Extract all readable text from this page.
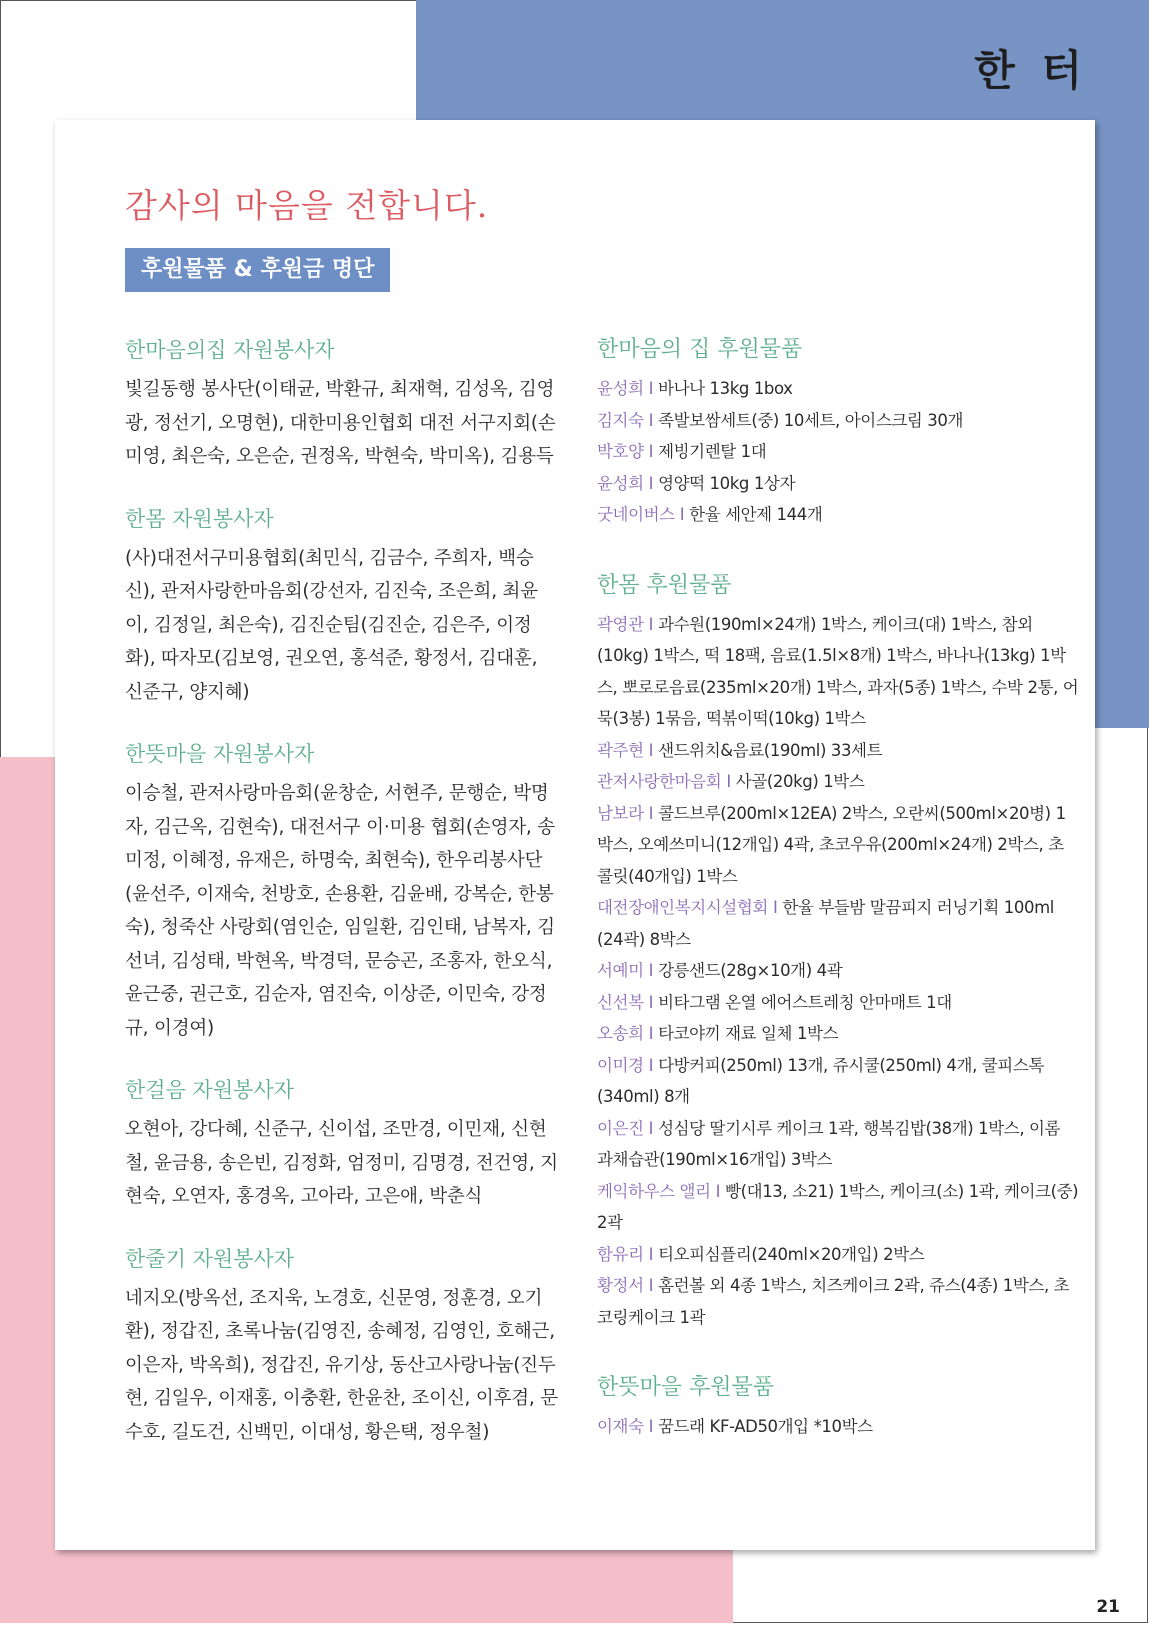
한 터
감사의 마음을 전합니다.
후원물품 & 후원금 명단
한마음의집 자원봉사자

빛길동행 봉사단(이태균, 박환규, 최재혁, 김성옥, 김영광, 정선기, 오명현), 대한미용인협회 대전 서구지회(손미영, 최은숙, 오은순, 권정옥, 박현숙, 박미옥), 김용득

한몸 자원봉사자

(사)대전서구미용협회(최민식, 김금수, 주희자, 백승신), 관저사랑한마음회(강선자, 김진숙, 조은희, 최윤이, 김정일, 최은숙), 김진순팀(김진순, 김은주, 이정화), 따자모(김보영, 권오연, 홍석준, 황정서, 김대훈, 신준구, 양지혜)

한뜻마을 자원봉사자

이승철, 관저사랑마음회(윤창순, 서현주, 문행순, 박명자, 김근옥, 김현숙), 대전서구 이·미용 협회(손영자, 송미정, 이혜정, 유재은, 하명숙, 최현숙), 한우리봉사단(윤선주, 이재숙, 천방호, 손용환, 김윤배, 강복순, 한봉숙), 청죽산 사랑회(염인순, 임일환, 김인태, 남복자, 김선녀, 김성태, 박현옥, 박경덕, 문승곤, 조홍자, 한오식, 윤근중, 권근호, 김순자, 염진숙, 이상준, 이민숙, 강정규, 이경여)

한걸음 자원봉사자

오현아, 강다혜, 신준구, 신이섭, 조만경, 이민재, 신현철, 윤금용, 송은빈, 김정화, 엄정미, 김명경, 전건영, 지현숙, 오연자, 홍경옥, 고아라, 고은애, 박춘식

한줄기 자원봉사자

네지오(방옥선, 조지욱, 노경호, 신문영, 정훈경, 오기환), 정갑진, 초록나눔(김영진, 송혜정, 김영인, 호해근, 이은자, 박옥희), 정갑진, 유기상, 동산고사랑나눔(진두현, 김일우, 이재홍, 이충환, 한윤찬, 조이신, 이후겸, 문수호, 길도건, 신백민, 이대성, 황은택, 정우철)

한마음의 집 후원물품

윤성희 I 바나나 13kg 1box

김지숙 I 족발보쌈세트(중) 10세트, 아이스크림 30개

박호양 I 제빙기렌탈 1대

윤성희 I 영양떡 10kg 1상자

굿네이버스 I 한율 세안제 144개

한몸 후원물품

곽영관 I 과수원(190ml×24개) 1박스, 케이크(대) 1박스, 참외(10kg) 1박스, 떡 18팩, 음료(1.5l×8개) 1박스, 바나나(13kg) 1박스, 뽀로로음료(235ml×20개) 1박스, 과자(5종) 1박스, 수박 2통, 어묵(3봉) 1묶음, 떡볶이떡(10kg) 1박스

곽주현 I 샌드위치&음료(190ml) 33세트

관저사랑한마음회 I 사골(20kg) 1박스

남보라 I 콜드브루(200ml×12EA) 2박스, 오란씨(500ml×20병) 1박스, 오예쓰미니(12개입) 4곽, 초코우유(200ml×24개) 2박스, 초콜릿(40개입) 1박스

대전장애인복지시설협회 I 한율 부들밤 말끔피지 러닝기획 100ml (24곽) 8박스

서예미 I 강릉샌드(28g×10개) 4곽

신선복 I 비타그램 온열 에어스트레칭 안마매트 1대

오송희 I 타코야끼 재료 일체 1박스

이미경 I 다방커피(250ml) 13개, 쥬시쿨(250ml) 4개, 쿨피스톡(340ml) 8개

이은진 I 성심당 딸기시루 케이크 1곽, 행복김밥(38개) 1박스, 이롬 과채습관(190ml×16개입) 3박스

케익하우스 앨리 I 빵(대13, 소21) 1박스, 케이크(소) 1곽, 케이크(중) 2곽

함유리 I 티오피심플리(240ml×20개입) 2박스

황정서 I 홈런볼 외 4종 1박스, 치즈케이크 2곽, 쥬스(4종) 1박스, 초코링케이크 1곽

한뜻마을 후원물품

이재숙 I 꿈드래 KF-AD50개입 *10박스

21
